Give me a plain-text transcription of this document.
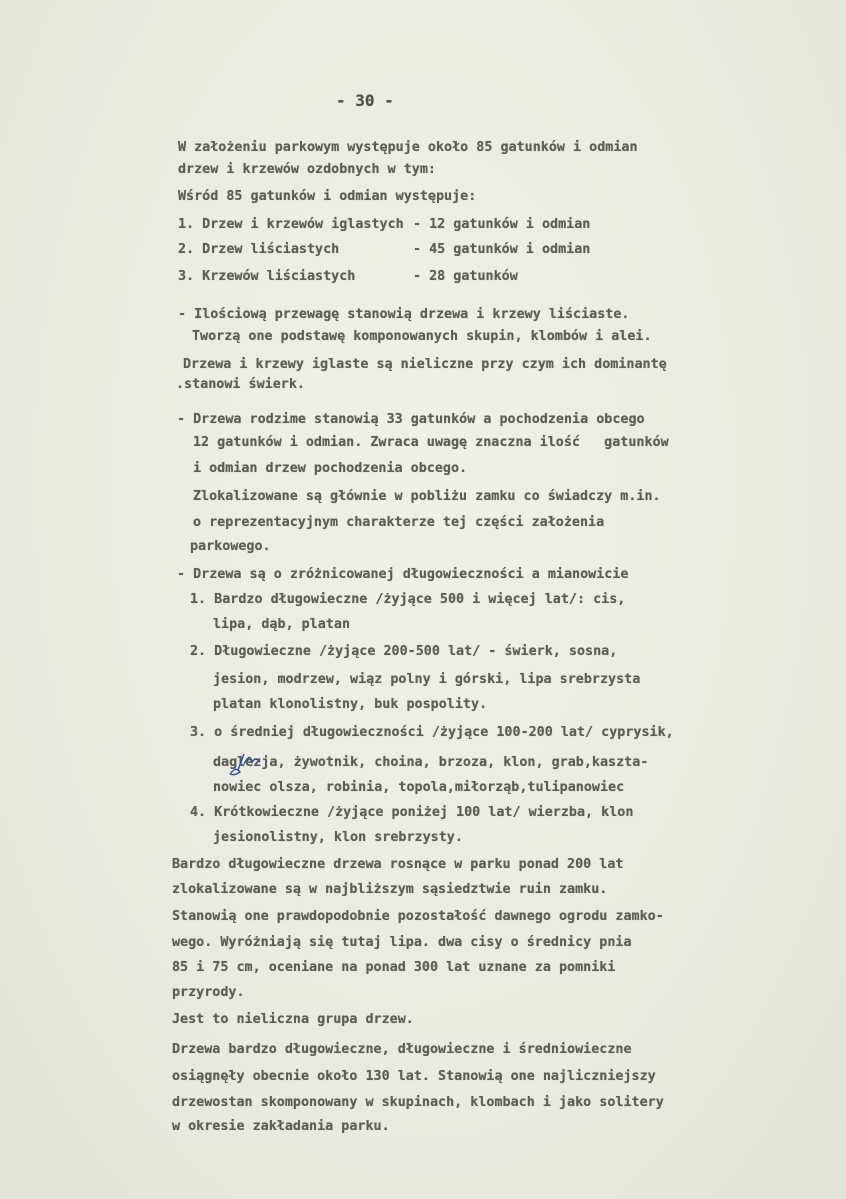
- 30 -
W założeniu parkowym występuje około 85 gatunków i odmian
drzew i krzewów ozdobnych w tym:
Wśród 85 gatunków i odmian występuje:
1. Drzew i krzewów iglastych - 12 gatunków i odmian
2. Drzew liściastych	- 45 gatunków i odmian
3. Krzewów liściastych	- 28 gatunków
- Ilościową przewagę stanowią drzewa i krzewy liściaste.
Tworzą one podstawę komponowanych skupin, klombów i alei.
Drzewa i krzewy iglaste są nieliczne przy czym ich dominantę
.stanowi świerk.
- Drzewa rodzime stanowią 33 gatunków a pochodzenia obcego
12 gatunków i odmian. Zwraca uwagę znaczna ilość   gatunków
i odmian drzew pochodzenia obcego.
Zlokalizowane są głównie w pobliżu zamku co świadczy m.in.
o reprezentacyjnym charakterze tej części założenia
parkowego.
- Drzewa są o zróżnicowanej długowieczności a mianowicie
1. Bardzo długowieczne /żyjące 500 i więcej lat/: cis,
lipa, dąb, platan
2. Długowieczne /żyjące 200-500 lat/ - świerk, sosna,
jesion, modrzew, wiąz polny i górski, lipa srebrzysta
platan klonolistny, buk pospolity.
3. o średniej długowieczności /żyjące 100-200 lat/ cyprysik,
daglezja, żywotnik, choina, brzoza, klon, grab,kaszta-
nowiec olsza, robinia, topola,miłorząb,tulipanowiec
4. Krótkowieczne /żyjące poniżej 100 lat/ wierzba, klon
jesionolistny, klon srebrzysty.
Bardzo długowieczne drzewa rosnące w parku ponad 200 lat
zlokalizowane są w najbliższym sąsiedztwie ruin zamku.
Stanowią one prawdopodobnie pozostałość dawnego ogrodu zamko-
wego. Wyróżniają się tutaj lipa. dwa cisy o średnicy pnia
85 i 75 cm, oceniane na ponad 300 lat uznane za pomniki
przyrody.
Jest to nieliczna grupa drzew.
Drzewa bardzo długowieczne, długowieczne i średniowieczne
osiągnęły obecnie około 130 lat. Stanowią one najliczniejszy
drzewostan skomponowany w skupinach, klombach i jako solitery
w okresie zakładania parku.
